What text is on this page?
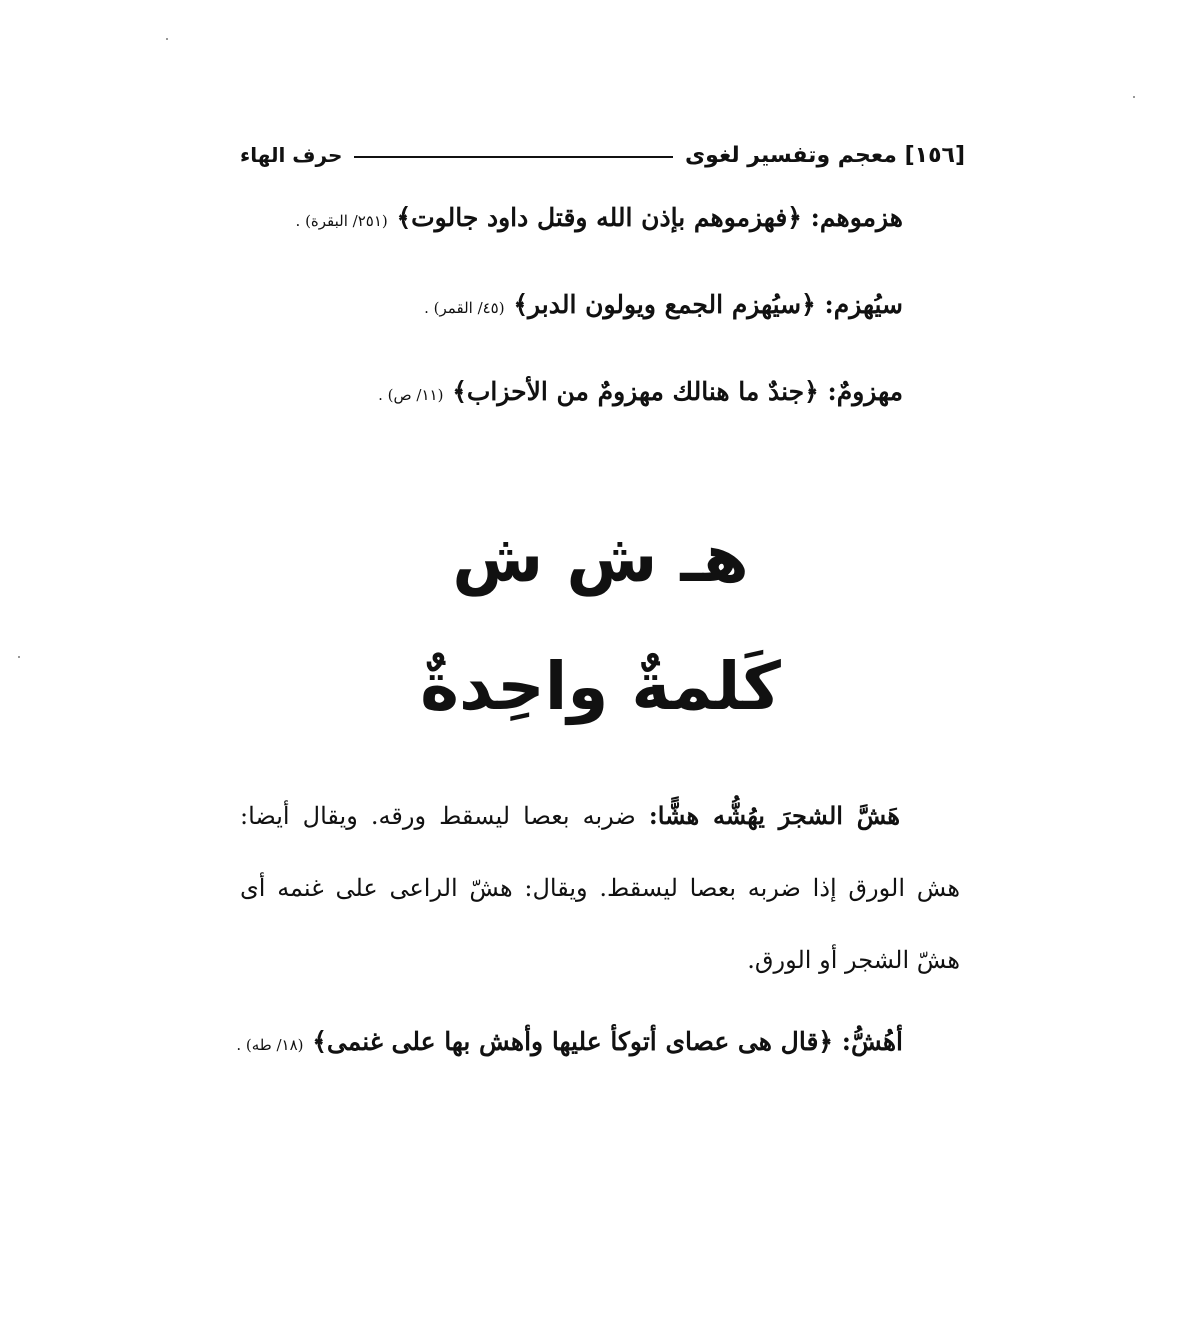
[١٥٦] معجم وتفسير لغوى
حرف الهاء
هزموهم: ﴿فهزموهم بإذن الله وقتل داود جالوت﴾ (٢٥١/ البقرة) .
سيُهزم: ﴿سيُهزم الجمع ويولون الدبر﴾ (٤٥/ القمر) .
مهزومٌ: ﴿جندٌ ما هنالك مهزومٌ من الأحزاب﴾ (١١/ ص) .
هـ ش ش
كَلمةٌ واحِدةٌ
هَشَّ الشجرَ يهُشُّه هشًّا: ضربه بعصا ليسقط ورقه. ويقال أيضا: هش الورق إذا ضربه بعصا ليسقط. ويقال: هشّ الراعى على غنمه أى هشّ الشجر أو الورق.
أهُشُّ: ﴿قال هى عصاى أتوكأ عليها وأهش بها على غنمى﴾ (١٨/ طه) .
